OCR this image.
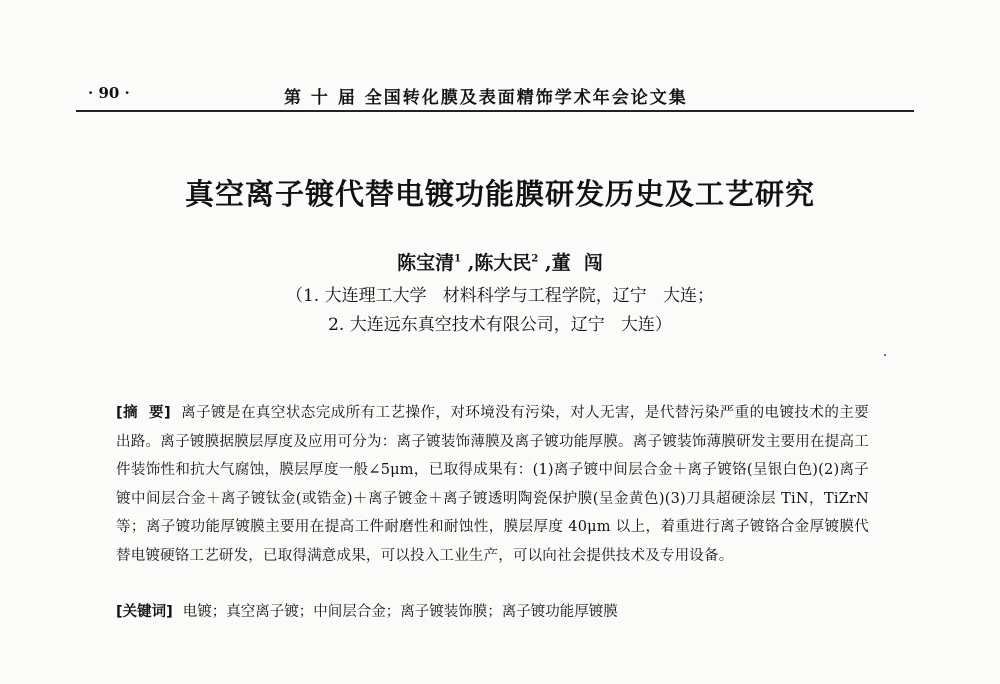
· 90 ·	第 十 届 全国转化膜及表面精饰学术年会论文集
真空离子镀代替电镀功能膜研发历史及工艺研究
陈宝清$^1$ ,陈大民$^2$ ,董  闯
（1. 大连理工大学   材料科学与工程学院，辽宁   大连；
2. 大连远东真空技术有限公司，辽宁   大连）
[摘  要] 离子镀是在真空状态完成所有工艺操作，对环境没有污染，对人无害，是代替污染严重的电镀技术的主要出路。离子镀膜据膜层厚度及应用可分为：离子镀装饰薄膜及离子镀功能厚膜。离子镀装饰薄膜研发主要用在提高工件装饰性和抗大气腐蚀，膜层厚度一般∠5μm，已取得成果有：(1)离子镀中间层合金＋离子镀铬(呈银白色)(2)离子镀中间层合金＋离子镀钛金(或锆金)＋离子镀金＋离子镀透明陶瓷保护膜(呈金黄色)(3)刀具超硬涂层 TiN，TiZrN 等；离子镀功能厚镀膜主要用在提高工件耐磨性和耐蚀性，膜层厚度 40μm 以上，着重进行离子镀铬合金厚镀膜代替电镀硬铬工艺研发，已取得满意成果，可以投入工业生产，可以向社会提供技术及专用设备。
[关键词] 电镀；真空离子镀；中间层合金；离子镀装饰膜；离子镀功能厚镀膜
